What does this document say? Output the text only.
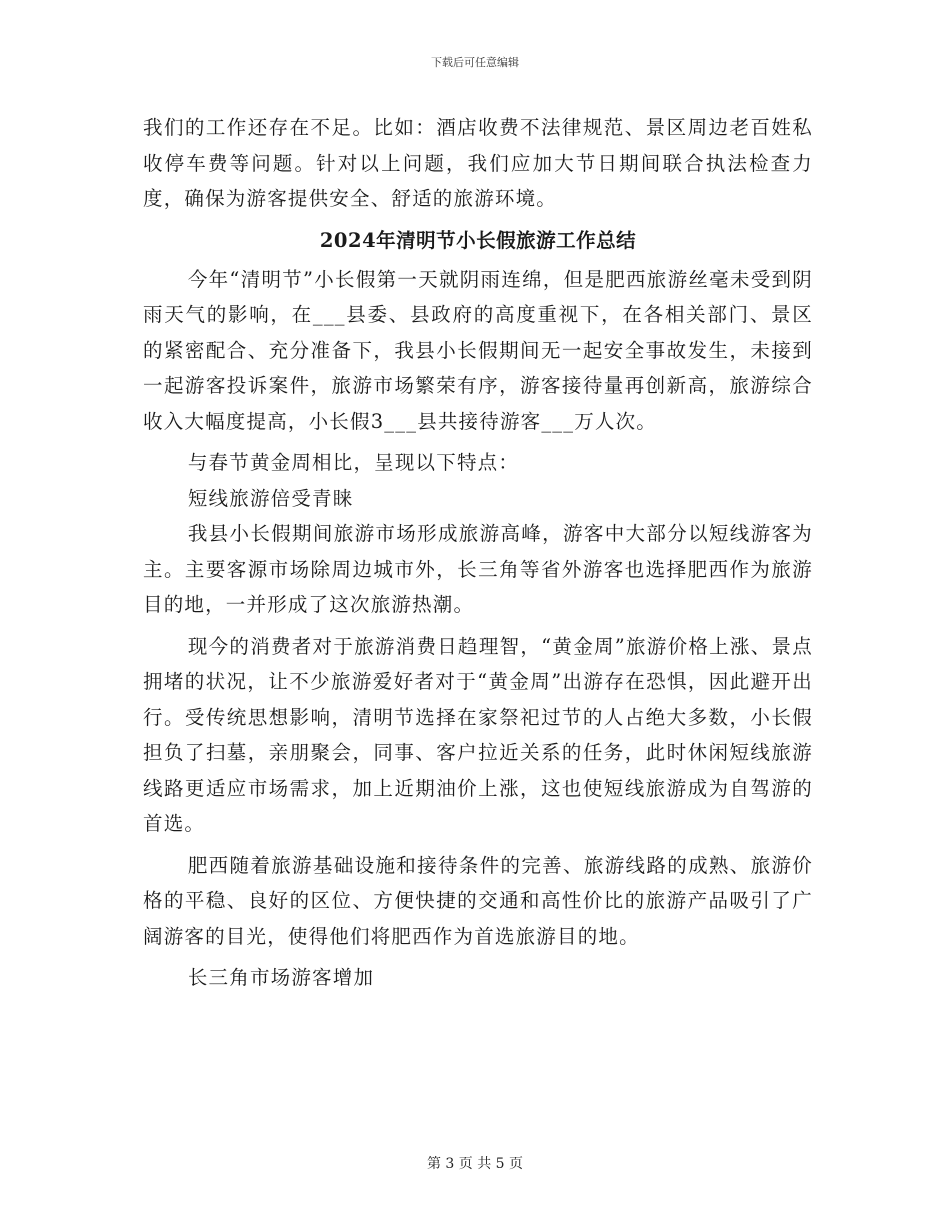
下载后可任意编辑

我们的工作还存在不足。比如：酒店收费不法律规范、景区周边老百姓私收停车费等问题。针对以上问题，我们应加大节日期间联合执法检查力度，确保为游客提供安全、舒适的旅游环境。

2024年清明节小长假旅游工作总结

今年“清明节”小长假第一天就阴雨连绵，但是肥西旅游丝毫未受到阴雨天气的影响，在___县委、县政府的高度重视下，在各相关部门、景区的紧密配合、充分准备下，我县小长假期间无一起安全事故发生，未接到一起游客投诉案件，旅游市场繁荣有序，游客接待量再创新高，旅游综合收入大幅度提高，小长假3___县共接待游客___万人次。

与春节黄金周相比，呈现以下特点：

短线旅游倍受青睐

我县小长假期间旅游市场形成旅游高峰，游客中大部分以短线游客为主。主要客源市场除周边城市外，长三角等省外游客也选择肥西作为旅游目的地，一并形成了这次旅游热潮。

现今的消费者对于旅游消费日趋理智，“黄金周”旅游价格上涨、景点拥堵的状况，让不少旅游爱好者对于“黄金周”出游存在恐惧，因此避开出行。受传统思想影响，清明节选择在家祭祀过节的人占绝大多数，小长假担负了扫墓，亲朋聚会，同事、客户拉近关系的任务，此时休闲短线旅游线路更适应市场需求，加上近期油价上涨，这也使短线旅游成为自驾游的首选。

肥西随着旅游基础设施和接待条件的完善、旅游线路的成熟、旅游价格的平稳、良好的区位、方便快捷的交通和高性价比的旅游产品吸引了广阔游客的目光，使得他们将肥西作为首选旅游目的地。

长三角市场游客增加

第 3 页 共 5 页
